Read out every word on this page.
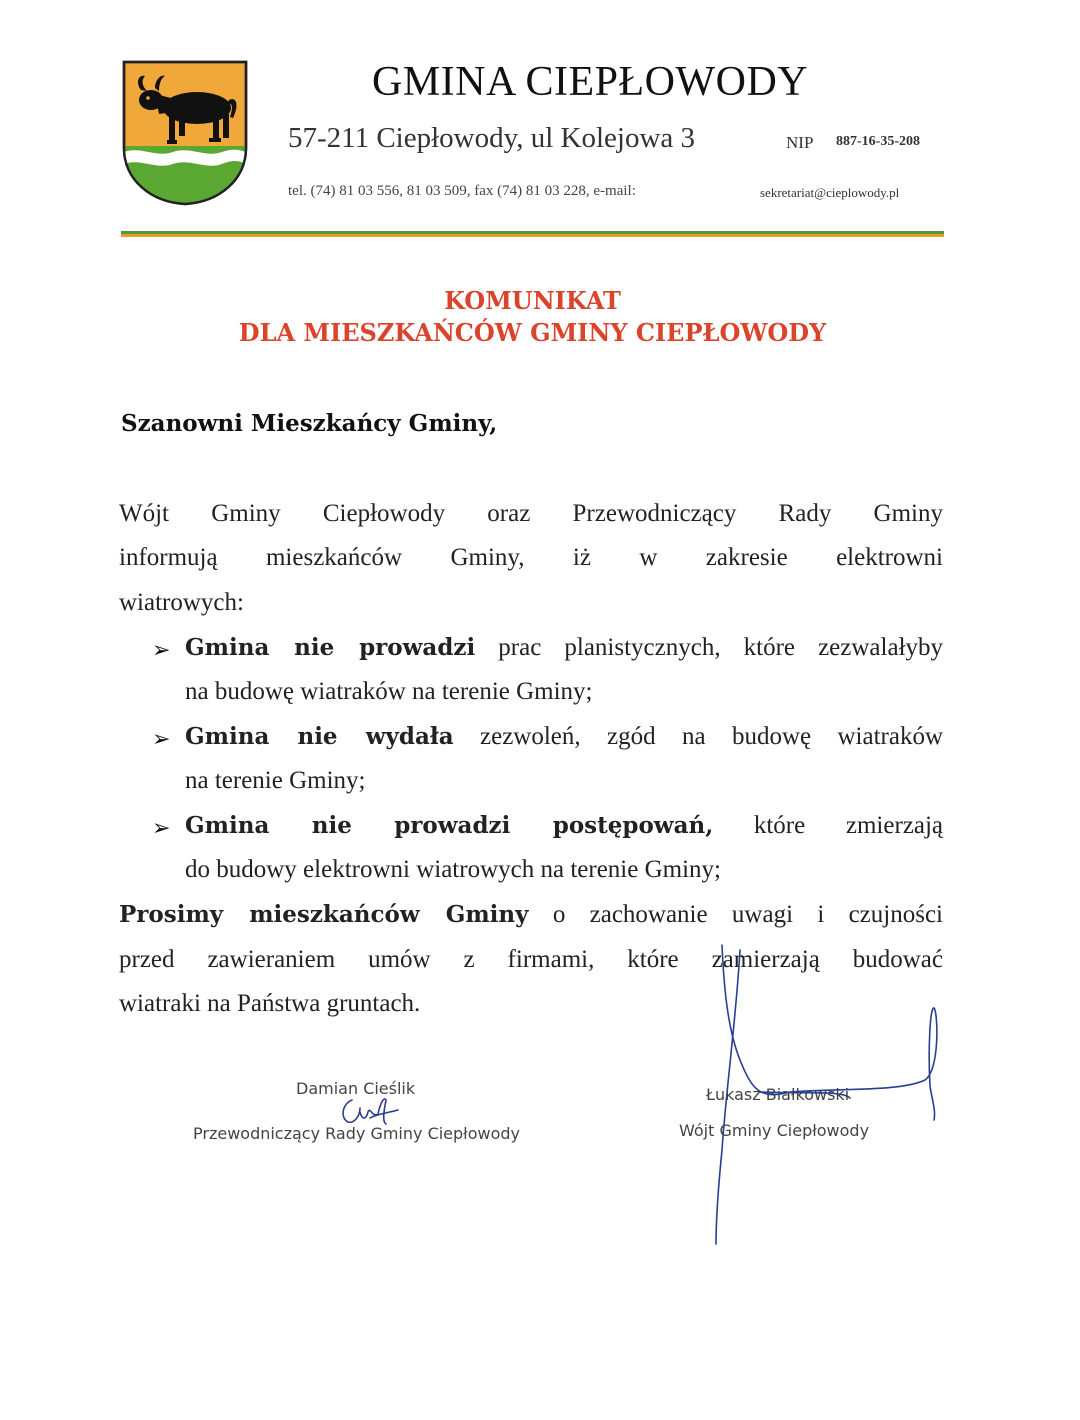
GMINA CIEPŁOWODY
57-211 Ciepłowody, ul Kolejowa 3	NIP 887-16-35-208
tel. (74) 81 03 556, 81 03 509, fax (74) 81 03 228, e-mail:	sekretariat@cieplowody.pl
KOMUNIKAT
DLA MIESZKAŃCÓW GMINY CIEPŁOWODY
Szanowni Mieszkańcy Gminy,
Wójt Gminy Ciepłowody oraz Przewodniczący Rady Gminy
informują mieszkańców Gminy, iż w zakresie elektrowni
wiatrowych:
➢ Gmina nie prowadzi prac planistycznych, które zezwalałyby
na budowę wiatraków na terenie Gminy;
➢ Gmina nie wydała zezwoleń, zgód na budowę wiatraków
na terenie Gminy;
➢ Gmina nie prowadzi postępowań, które zmierzają
do budowy elektrowni wiatrowych na terenie Gminy;
Prosimy mieszkańców Gminy o zachowanie uwagi i czujności
przed zawieraniem umów z firmami, które zamierzają budować
wiatraki na Państwa gruntach.
Damian Cieślik
Przewodniczący Rady Gminy Ciepłowody
Łukasz Białkowski
Wójt Gminy Ciepłowody
